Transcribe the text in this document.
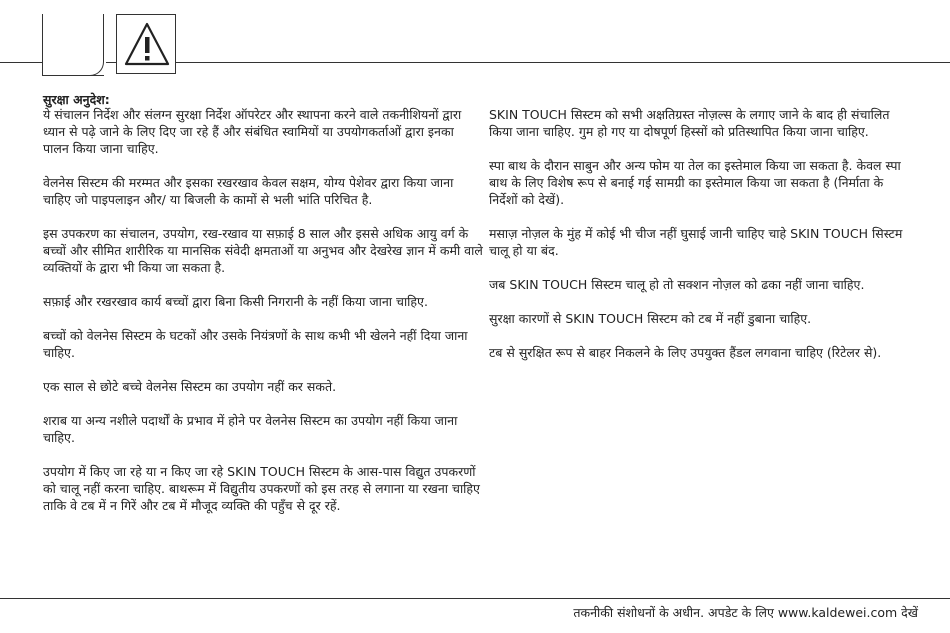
सुरक्षा अनुदेश:

ये संचालन निर्देश और संलग्न सुरक्षा निर्देश ऑपरेटर और स्थापना करने वाले तकनीशियनों द्वारा ध्यान से पढ़े जाने के लिए दिए जा रहे हैं और संबंधित स्वामियों या उपयोगकर्ताओं द्वारा इनका पालन किया जाना चाहिए.

वेलनेस सिस्टम की मरम्मत और इसका रखरखाव केवल सक्षम, योग्य पेशेवर द्वारा किया जाना चाहिए जो पाइपलाइन और/ या बिजली के कामों से भली भांति परिचित है.

इस उपकरण का संचालन, उपयोग, रख-रखाव या सफ़ाई 8 साल और इससे अधिक आयु वर्ग के बच्चों और सीमित शारीरिक या मानसिक संवेदी क्षमताओं या अनुभव और देखरेख ज्ञान में कमी वाले व्यक्तियों के द्वारा भी किया जा सकता है.

सफ़ाई और रखरखाव कार्य बच्चों द्वारा बिना किसी निगरानी के नहीं किया जाना चाहिए.

बच्चों को वेलनेस सिस्टम के घटकों और उसके नियंत्रणों के साथ कभी भी खेलने नहीं दिया जाना चाहिए.

एक साल से छोटे बच्चे वेलनेस सिस्टम का उपयोग नहीं कर सकते.

शराब या अन्य नशीले पदार्थों के प्रभाव में होने पर वेलनेस सिस्टम का उपयोग नहीं किया जाना चाहिए.

उपयोग में किए जा रहे या न किए जा रहे SKIN TOUCH सिस्टम के आस-पास विद्युत उपकरणों को चालू नहीं करना चाहिए. बाथरूम में विद्युतीय उपकरणों को इस तरह से लगाना या रखना चाहिए ताकि वे टब में न गिरें और टब में मौजूद व्यक्ति की पहुँच से दूर रहें.

SKIN TOUCH सिस्टम को सभी अक्षतिग्रस्त नोज़ल्स के लगाए जाने के बाद ही संचालित किया जाना चाहिए. गुम हो गए या दोषपूर्ण हिस्सों को प्रतिस्थापित किया जाना चाहिए.

स्पा बाथ के दौरान साबुन और अन्य फोम या तेल का इस्तेमाल किया जा सकता है. केवल स्पा बाथ के लिए विशेष रूप से बनाई गई सामग्री का इस्तेमाल किया जा सकता है (निर्माता के निर्देशों को देखें).

मसाज़ नोज़ल के मुंह में कोई भी चीज नहीं घुसाई जानी चाहिए चाहे SKIN TOUCH सिस्टम चालू हो या बंद.

जब SKIN TOUCH सिस्टम चालू हो तो सक्शन नोज़ल को ढका नहीं जाना चाहिए.

सुरक्षा कारणों से SKIN TOUCH सिस्टम को टब में नहीं डुबाना चाहिए.

टब से सुरक्षित रूप से बाहर निकलने के लिए उपयुक्त हैंडल लगवाना चाहिए (रिटेलर से).

तकनीकी संशोधनों के अधीन. अपडेट के लिए www.kaldewei.com देखें
